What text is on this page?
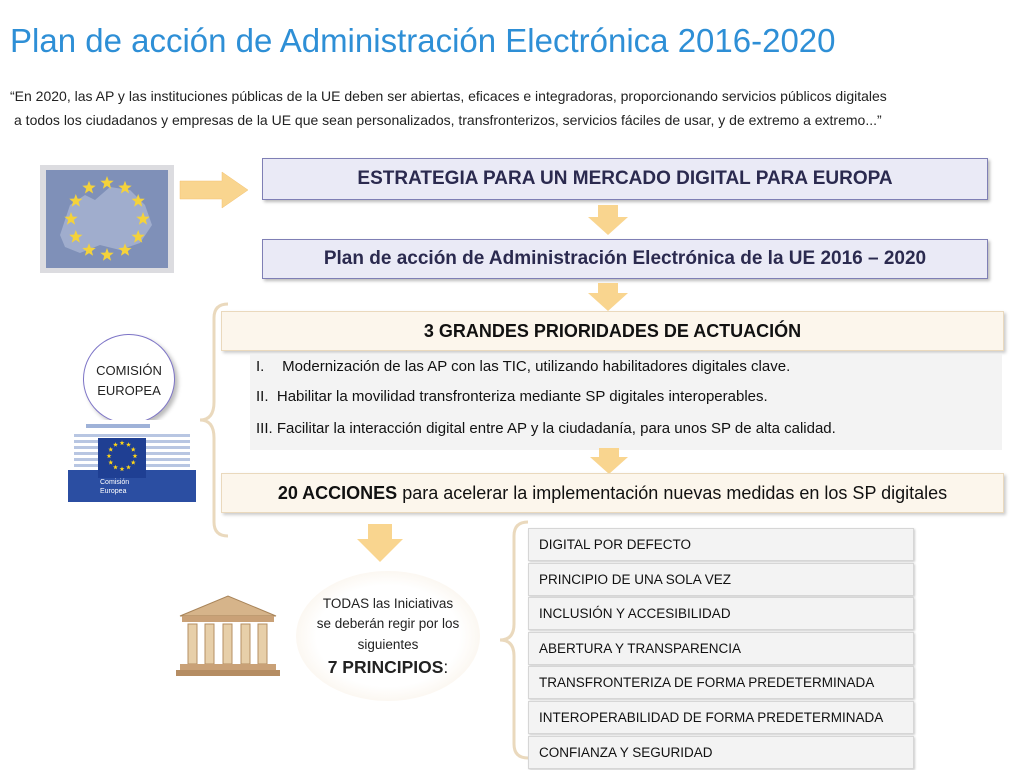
Plan de acción de Administración Electrónica 2016-2020
“En 2020, las AP y las instituciones públicas de la UE deben ser abiertas, eficaces e integradoras, proporcionando servicios públicos digitales
a todos los ciudadanos y empresas de la UE que sean personalizados, transfronterizos, servicios fáciles de usar, y de extremo a extremo...”
ESTRATEGIA PARA UN MERCADO DIGITAL PARA EUROPA
Plan de acción de Administración Electrónica de la UE 2016 – 2020
3 GRANDES PRIORIDADES DE ACTUACIÓN
I. Modernización de las AP con las TIC, utilizando habilitadores digitales clave.
II. Habilitar la movilidad transfronteriza mediante SP digitales interoperables.
III. Facilitar la interacción digital entre AP y la ciudadanía, para unos SP de alta calidad.
20 ACCIONES para acelerar la implementación nuevas medidas en los SP digitales
COMISIÓN
EUROPEA
Comisión
Europea
TODAS las Iniciativas
se deberán regir por los
siguientes
7 PRINCIPIOS:
DIGITAL POR DEFECTO
PRINCIPIO DE UNA SOLA VEZ
INCLUSIÓN Y ACCESIBILIDAD
ABERTURA Y TRANSPARENCIA
TRANSFRONTERIZA DE FORMA PREDETERMINADA
INTEROPERABILIDAD DE FORMA PREDETERMINADA
CONFIANZA Y SEGURIDAD
